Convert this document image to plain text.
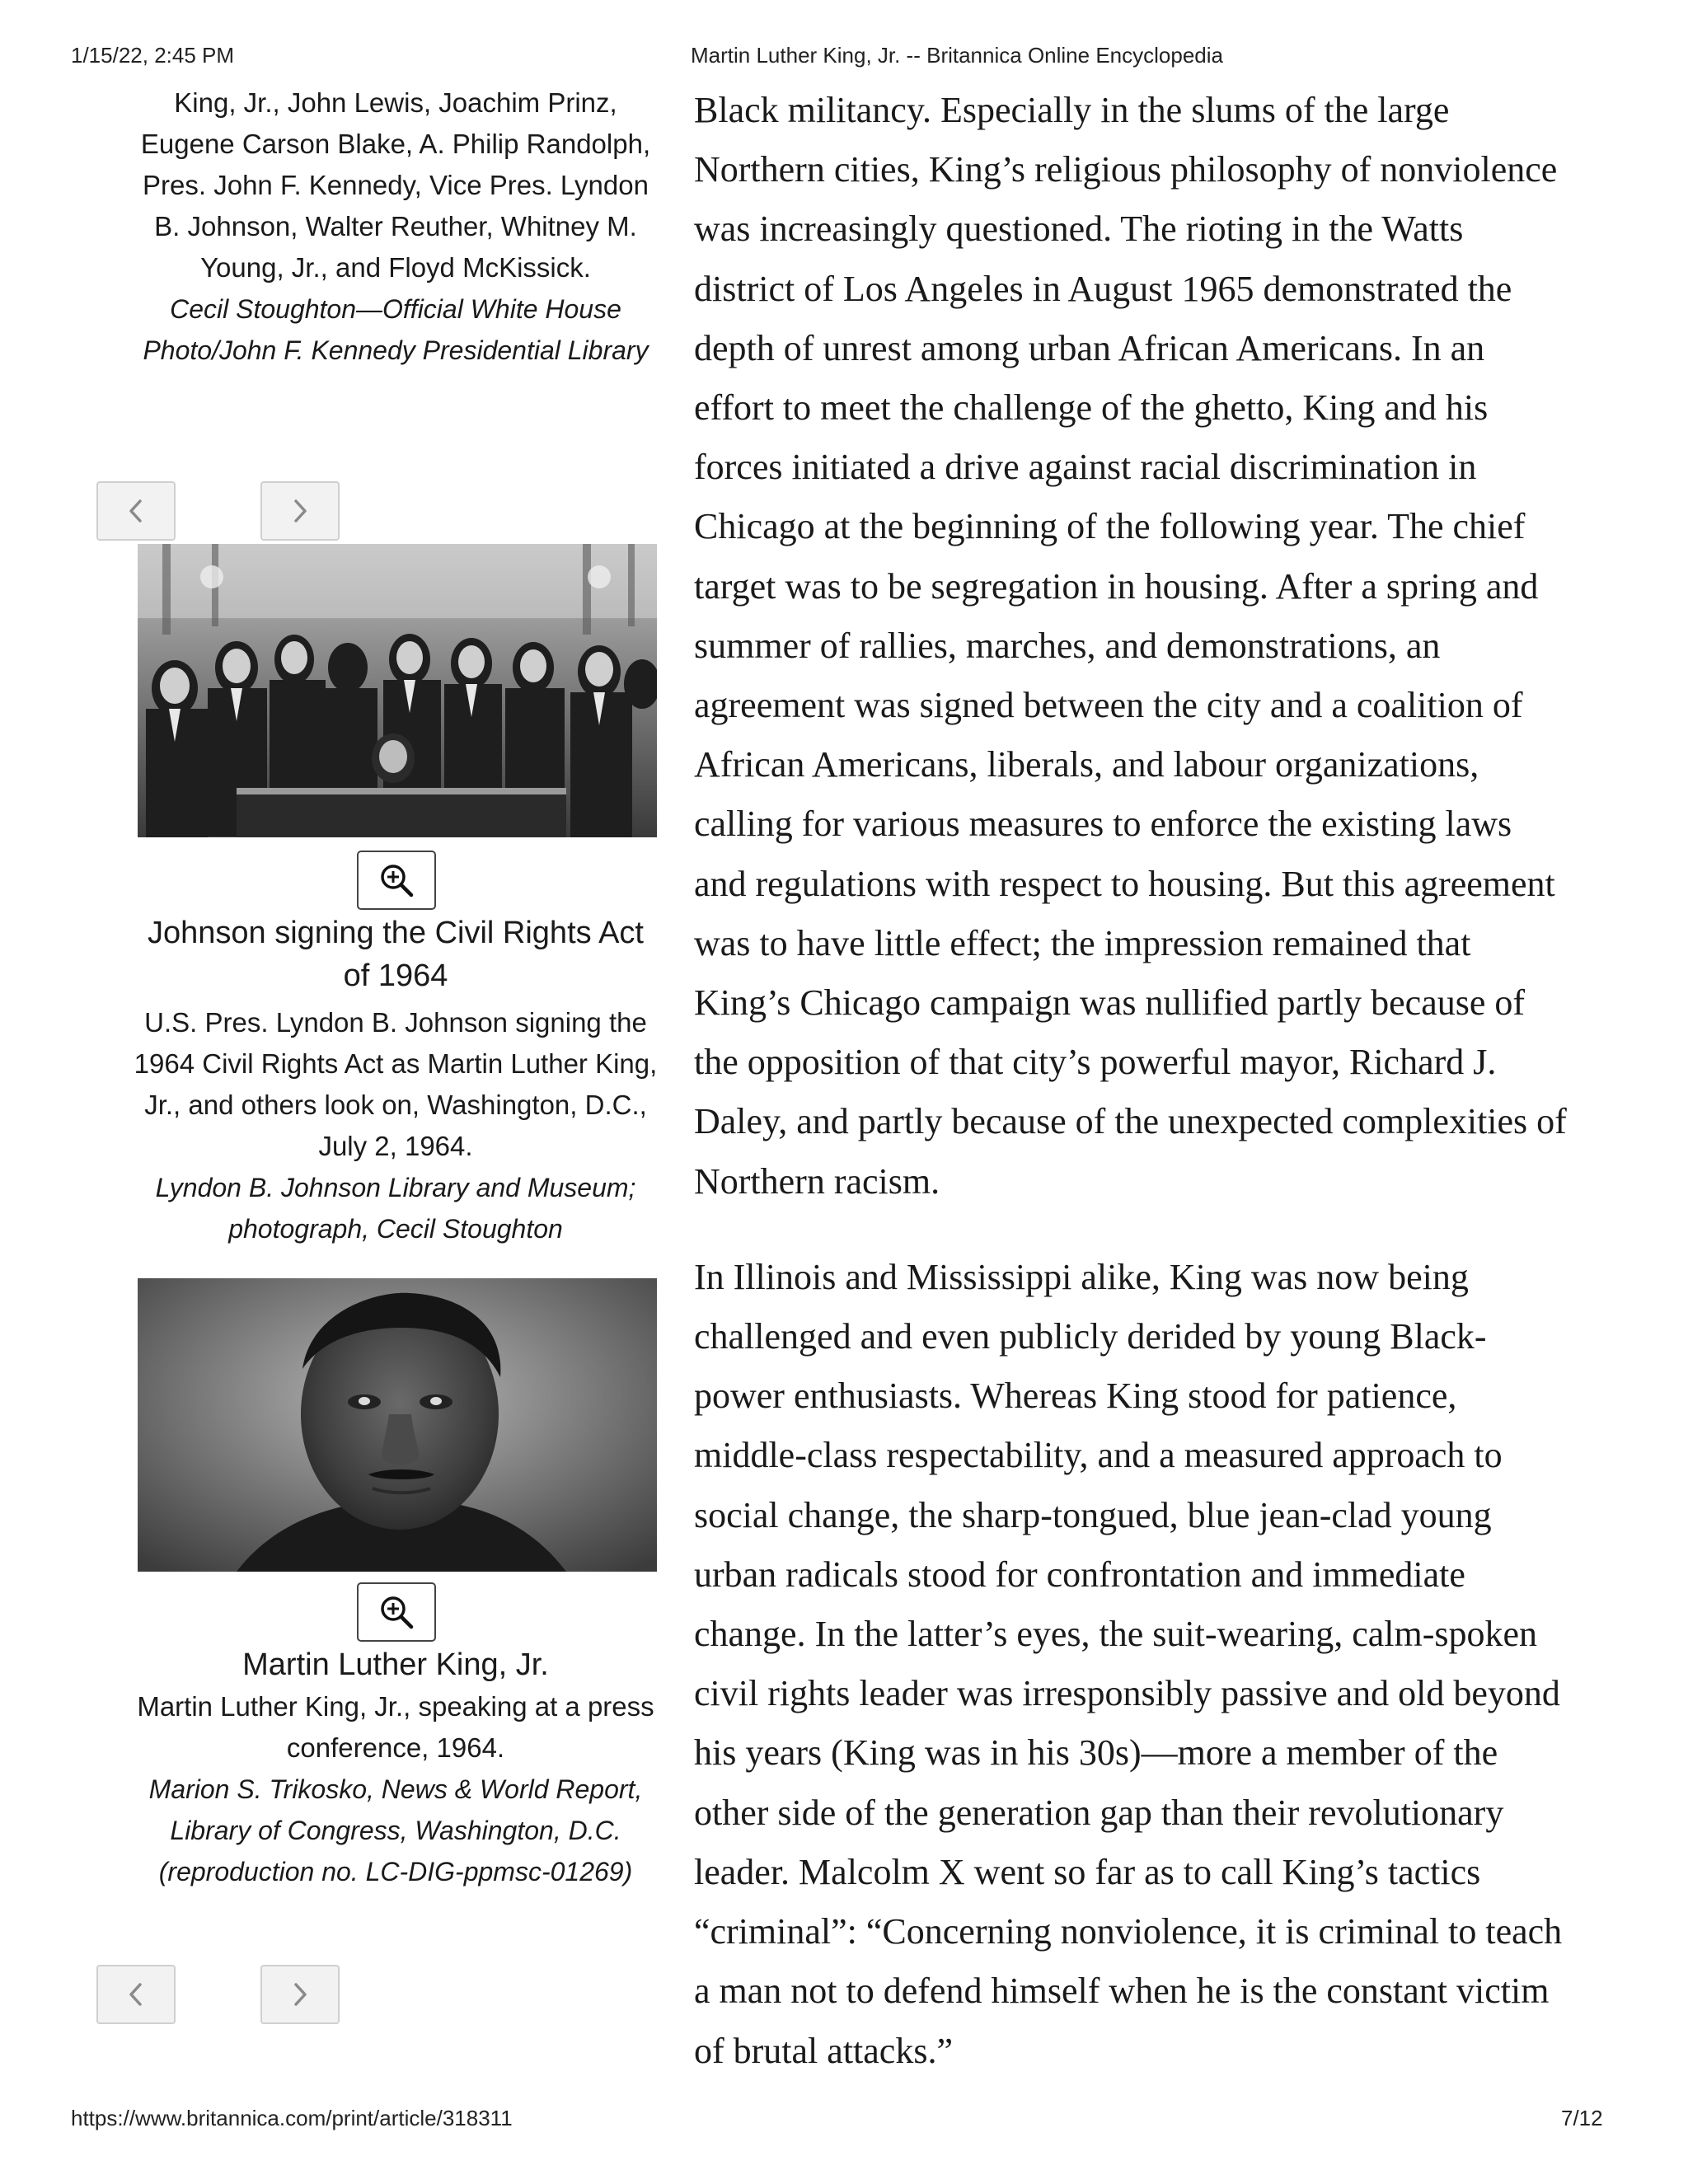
1/15/22, 2:45 PM	Martin Luther King, Jr. -- Britannica Online Encyclopedia
King, Jr., John Lewis, Joachim Prinz, Eugene Carson Blake, A. Philip Randolph, Pres. John F. Kennedy, Vice Pres. Lyndon B. Johnson, Walter Reuther, Whitney M. Young, Jr., and Floyd McKissick.
Cecil Stoughton—Official White House Photo/John F. Kennedy Presidential Library
Johnson signing the Civil Rights Act of 1964
U.S. Pres. Lyndon B. Johnson signing the 1964 Civil Rights Act as Martin Luther King, Jr., and others look on, Washington, D.C., July 2, 1964.
Lyndon B. Johnson Library and Museum; photograph, Cecil Stoughton
Martin Luther King, Jr.
Martin Luther King, Jr., speaking at a press conference, 1964.
Marion S. Trikosko, News & World Report, Library of Congress, Washington, D.C. (reproduction no. LC-DIG-ppmsc-01269)

Black militancy. Especially in the slums of the large Northern cities, King’s religious philosophy of nonviolence was increasingly questioned. The rioting in the Watts district of Los Angeles in August 1965 demonstrated the depth of unrest among urban African Americans. In an effort to meet the challenge of the ghetto, King and his forces initiated a drive against racial discrimination in Chicago at the beginning of the following year. The chief target was to be segregation in housing. After a spring and summer of rallies, marches, and demonstrations, an agreement was signed between the city and a coalition of African Americans, liberals, and labour organizations, calling for various measures to enforce the existing laws and regulations with respect to housing. But this agreement was to have little effect; the impression remained that King’s Chicago campaign was nullified partly because of the opposition of that city’s powerful mayor, Richard J. Daley, and partly because of the unexpected complexities of Northern racism.

In Illinois and Mississippi alike, King was now being challenged and even publicly derided by young Black-power enthusiasts. Whereas King stood for patience, middle-class respectability, and a measured approach to social change, the sharp-tongued, blue jean-clad young urban radicals stood for confrontation and immediate change. In the latter’s eyes, the suit-wearing, calm-spoken civil rights leader was irresponsibly passive and old beyond his years (King was in his 30s)—more a member of the other side of the generation gap than their revolutionary leader. Malcolm X went so far as to call King’s tactics “criminal”: “Concerning nonviolence, it is criminal to teach a man not to defend himself when he is the constant victim of brutal attacks.”

https://www.britannica.com/print/article/318311	7/12
